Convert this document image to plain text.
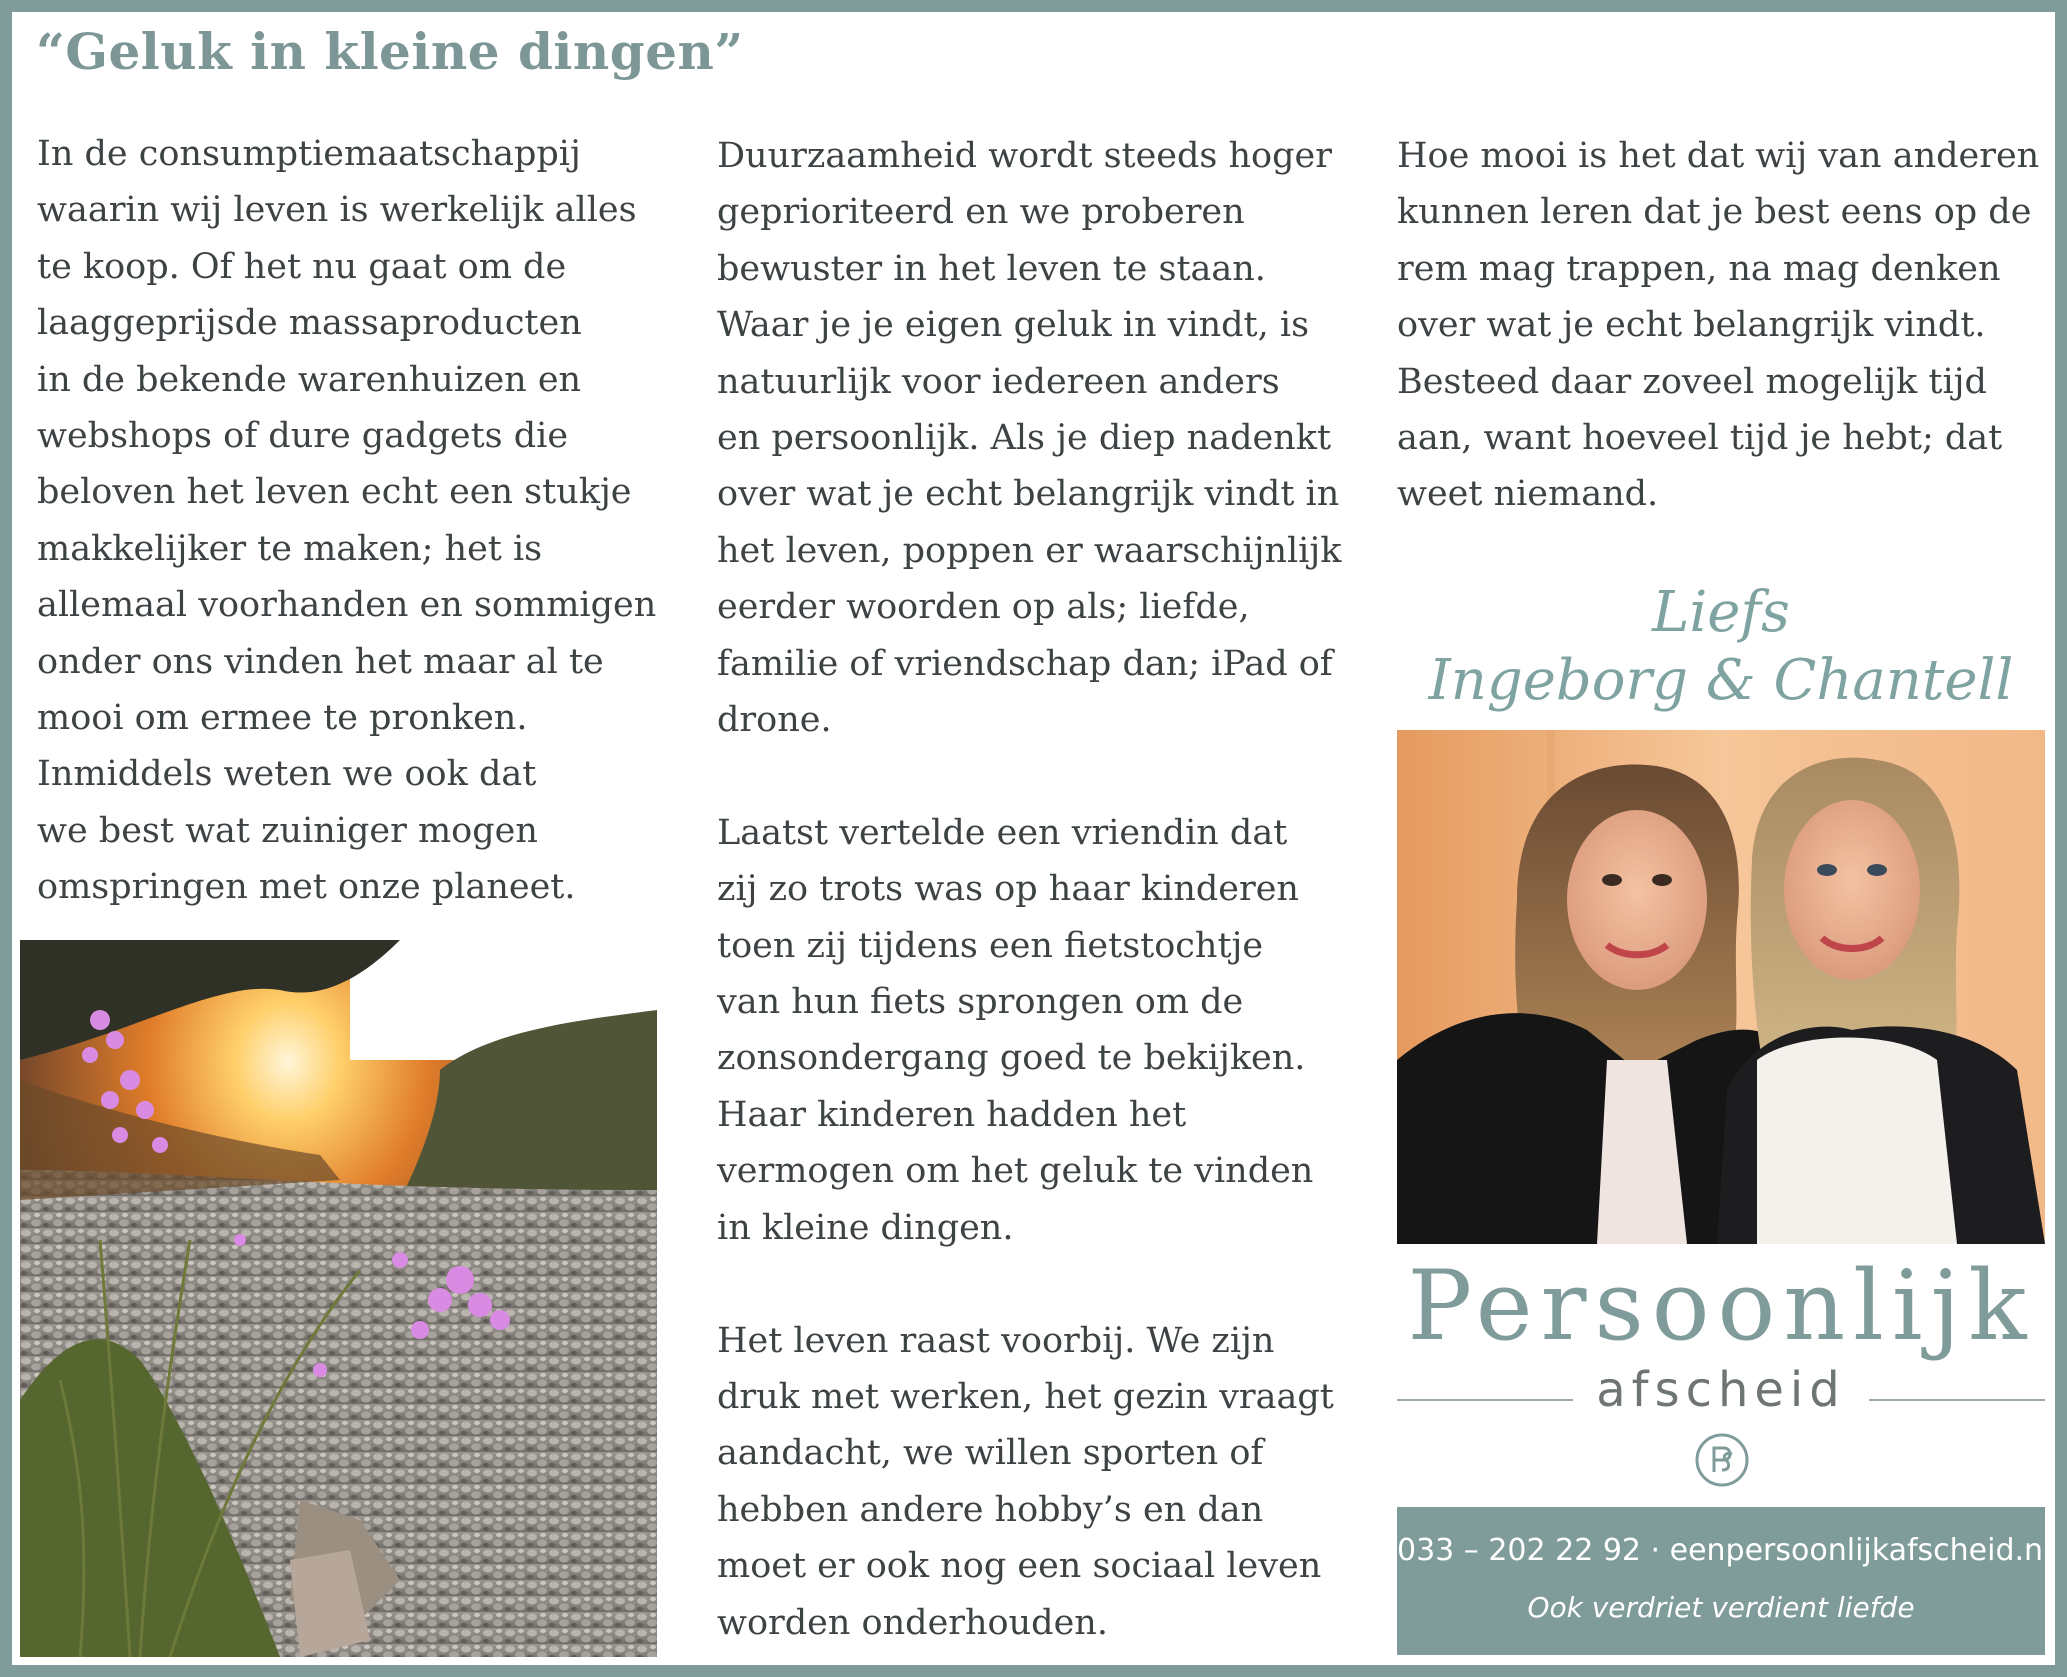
“Geluk in kleine dingen”
In de consumptiemaatschappij
waarin wij leven is werkelijk alles
te koop. Of het nu gaat om de
laaggeprijsde massaproducten
in de bekende warenhuizen en
webshops of dure gadgets die
beloven het leven echt een stukje
makkelijker te maken; het is
allemaal voorhanden en sommigen
onder ons vinden het maar al te
mooi om ermee te pronken.
Inmiddels weten we ook dat
we best wat zuiniger mogen
omspringen met onze planeet.
Duurzaamheid wordt steeds hoger
geprioriteerd en we proberen
bewuster in het leven te staan.
Waar je je eigen geluk in vindt, is
natuurlijk voor iedereen anders
en persoonlijk. Als je diep nadenkt
over wat je echt belangrijk vindt in
het leven, poppen er waarschijnlijk
eerder woorden op als; liefde,
familie of vriendschap dan; iPad of
drone.
Laatst vertelde een vriendin dat
zij zo trots was op haar kinderen
toen zij tijdens een fietstochtje
van hun fiets sprongen om de
zonsondergang goed te bekijken.
Haar kinderen hadden het
vermogen om het geluk te vinden
in kleine dingen.
Het leven raast voorbij. We zijn
druk met werken, het gezin vraagt
aandacht, we willen sporten of
hebben andere hobby’s en dan
moet er ook nog een sociaal leven
worden onderhouden.
Hoe mooi is het dat wij van anderen
kunnen leren dat je best eens op de
rem mag trappen, na mag denken
over wat je echt belangrijk vindt.
Besteed daar zoveel mogelijk tijd
aan, want hoeveel tijd je hebt; dat
weet niemand.
Liefs
Ingeborg & Chantell
Persoonlijk
afscheid
033 – 202 22 92 · eenpersoonlijkafscheid.nl
Ook verdriet verdient liefde
